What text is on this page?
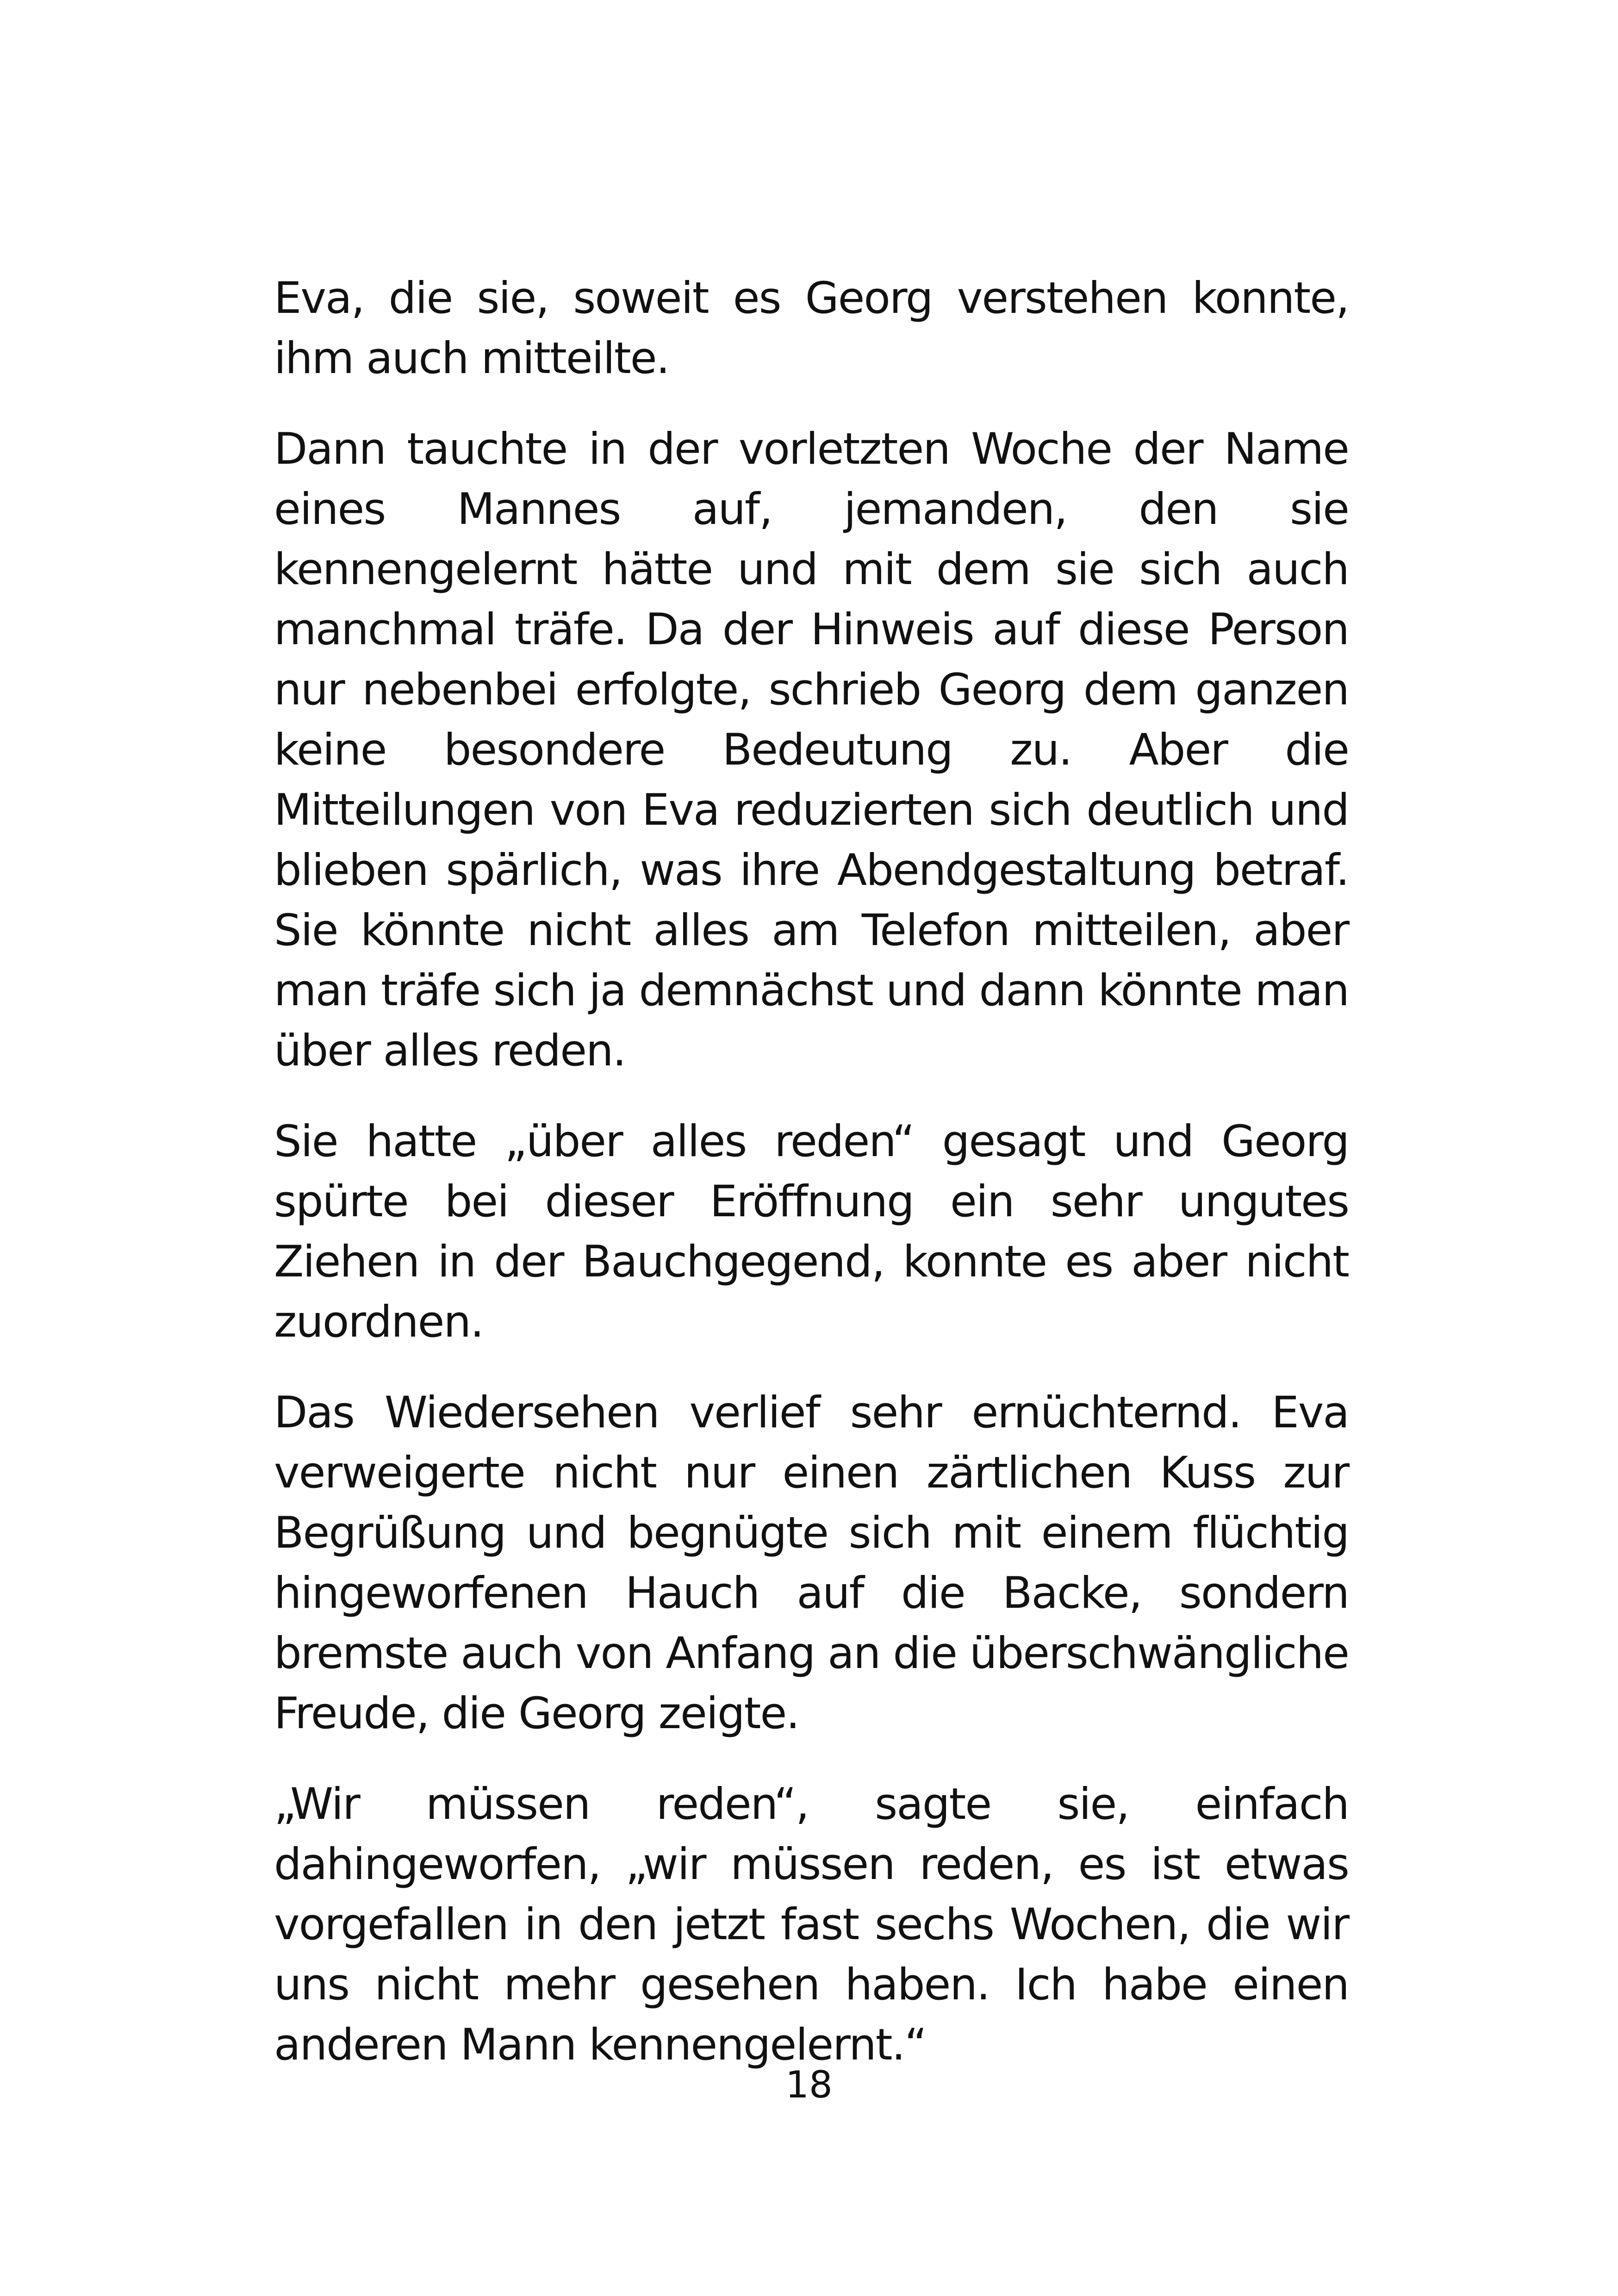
Eva, die sie, soweit es Georg verstehen konnte, ihm auch mitteilte.

Dann tauchte in der vorletzten Woche der Name eines Mannes auf, jemanden, den sie kennengelernt hätte und mit dem sie sich auch manchmal träfe. Da der Hinweis auf diese Person nur nebenbei erfolgte, schrieb Georg dem ganzen keine besondere Bedeutung zu. Aber die Mitteilungen von Eva reduzierten sich deutlich und blieben spärlich, was ihre Abendgestaltung betraf. Sie könnte nicht alles am Telefon mitteilen, aber man träfe sich ja demnächst und dann könnte man über alles reden.

Sie hatte „über alles reden“ gesagt und Georg spürte bei dieser Eröffnung ein sehr ungutes Ziehen in der Bauchgegend, konnte es aber nicht zuordnen.

Das Wiedersehen verlief sehr ernüchternd. Eva verweigerte nicht nur einen zärtlichen Kuss zur Begrüßung und begnügte sich mit einem flüchtig hingeworfenen Hauch auf die Backe, sondern bremste auch von Anfang an die überschwängliche Freude, die Georg zeigte.

„Wir müssen reden“, sagte sie, einfach dahingeworfen, „wir müssen reden, es ist etwas vorgefallen in den jetzt fast sechs Wochen, die wir uns nicht mehr gesehen haben. Ich habe einen anderen Mann kennengelernt.“

18
